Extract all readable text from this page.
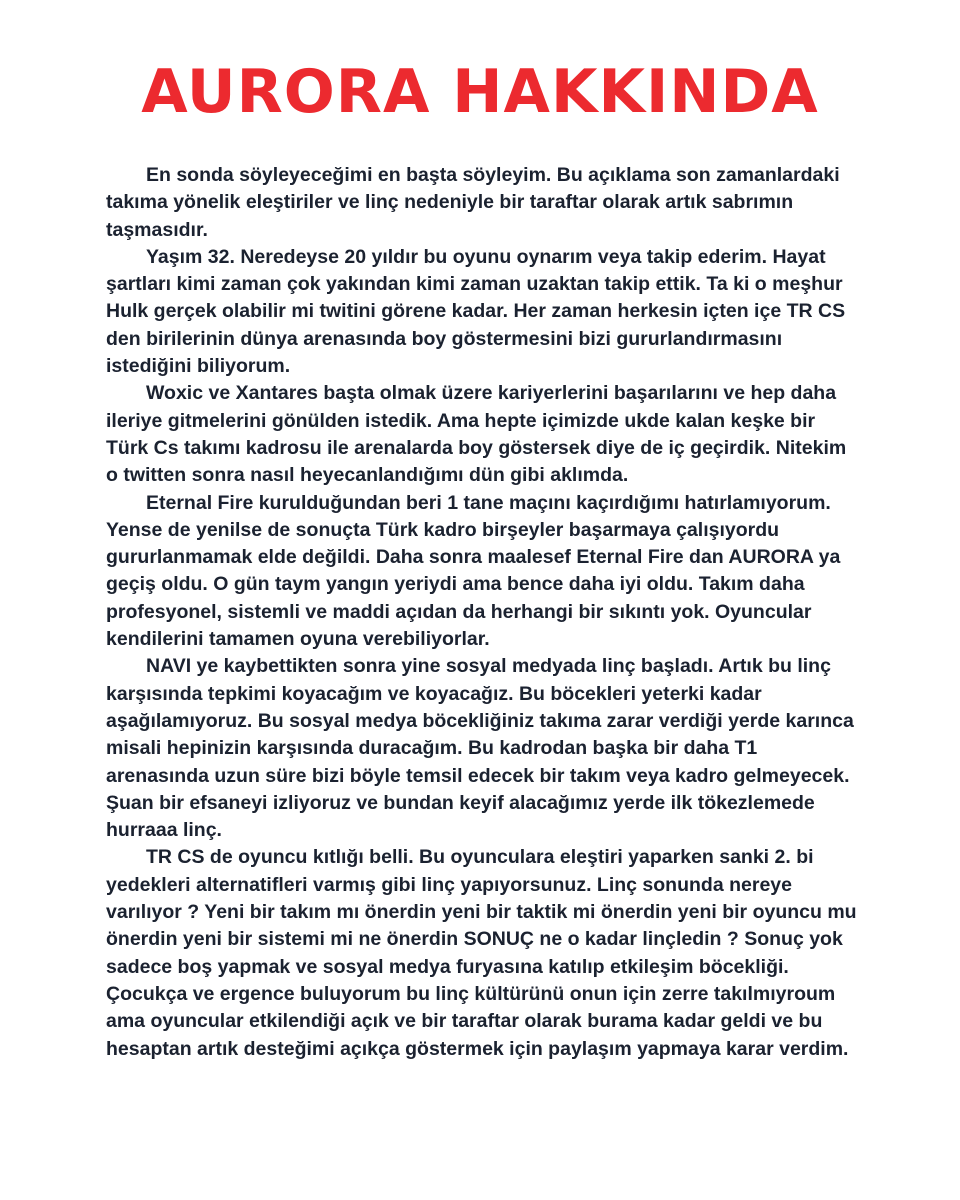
AURORA HAKKINDA

En sonda söyleyeceğimi en başta söyleyim. Bu açıklama son zamanlardaki takıma yönelik eleştiriler ve linç nedeniyle bir taraftar olarak artık sabrımın taşmasıdır.

Yaşım 32. Neredeyse 20 yıldır bu oyunu oynarım veya takip ederim. Hayat şartları kimi zaman çok yakından kimi zaman uzaktan takip ettik. Ta ki o meşhur Hulk gerçek olabilir mi twitini görene kadar. Her zaman herkesin içten içe TR CS den birilerinin dünya arenasında boy göstermesini bizi gururlandırmasını istediğini biliyorum.

Woxic ve Xantares başta olmak üzere kariyerlerini başarılarını ve hep daha ileriye gitmelerini gönülden istedik. Ama hepte içimizde ukde kalan keşke bir Türk Cs takımı kadrosu ile arenalarda boy göstersek diye de iç geçirdik. Nitekim o twitten sonra nasıl heyecanlandığımı dün gibi aklımda.

Eternal Fire kurulduğundan beri 1 tane maçını kaçırdığımı hatırlamıyorum. Yense de yenilse de sonuçta Türk kadro birşeyler başarmaya çalışıyordu gururlanmamak elde değildi. Daha sonra maalesef Eternal Fire dan AURORA ya geçiş oldu. O gün taym yangın yeriydi ama bence daha iyi oldu. Takım daha profesyonel, sistemli ve maddi açıdan da herhangi bir sıkıntı yok. Oyuncular kendilerini tamamen oyuna verebiliyorlar.

NAVI ye kaybettikten sonra yine sosyal medyada linç başladı. Artık bu linç karşısında tepkimi koyacağım ve koyacağız. Bu böcekleri yeterki kadar aşağılamıyoruz. Bu sosyal medya böcekliğiniz takıma zarar verdiği yerde karınca misali hepinizin karşısında duracağım. Bu kadrodan başka bir daha T1 arenasında uzun süre bizi böyle temsil edecek bir takım veya kadro gelmeyecek. Şuan bir efsaneyi izliyoruz ve bundan keyif alacağımız yerde ilk tökezlemede hurraaa linç.

TR CS de oyuncu kıtlığı belli. Bu oyunculara eleştiri yaparken sanki 2. bi yedekleri alternatifleri varmış gibi linç yapıyorsunuz. Linç sonunda nereye varılıyor ? Yeni bir takım mı önerdin yeni bir taktik mi önerdin yeni bir oyuncu mu önerdin yeni bir sistemi mi ne önerdin SONUÇ ne o kadar linçledin ? Sonuç yok sadece boş yapmak ve sosyal medya furyasına katılıp etkileşim böcekliği. Çocukça ve ergence buluyorum bu linç kültürünü onun için zerre takılmıyroum ama oyuncular etkilendiği açık ve bir taraftar olarak burama kadar geldi ve bu hesaptan artık desteğimi açıkça göstermek için paylaşım yapmaya karar verdim.
